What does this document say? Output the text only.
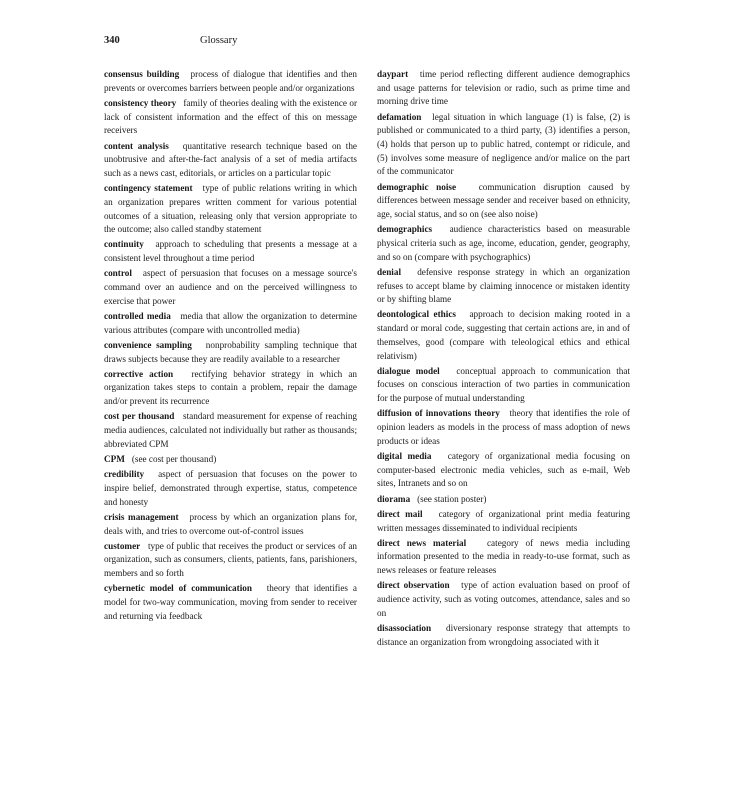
340	Glossary

consensus building process of dialogue that identifies and then prevents or overcomes barriers between people and/or organizations

consistency theory family of theories dealing with the existence or lack of consistent information and the effect of this on message receivers

content analysis quantitative research technique based on the unobtrusive and after-the-fact analysis of a set of media artifacts such as a news cast, editorials, or articles on a particular topic

contingency statement type of public relations writing in which an organization prepares written comment for various potential outcomes of a situation, releasing only that version appropriate to the outcome; also called standby statement

continuity approach to scheduling that presents a message at a consistent level throughout a time period

control aspect of persuasion that focuses on a message source's command over an audience and on the perceived willingness to exercise that power

controlled media media that allow the organization to determine various attributes (compare with uncontrolled media)

convenience sampling nonprobability sampling technique that draws subjects because they are readily available to a researcher

corrective action rectifying behavior strategy in which an organization takes steps to contain a problem, repair the damage and/or prevent its recurrence

cost per thousand standard measurement for expense of reaching media audiences, calculated not individually but rather as thousands; abbreviated CPM

CPM (see cost per thousand)

credibility aspect of persuasion that focuses on the power to inspire belief, demonstrated through expertise, status, competence and honesty

crisis management process by which an organization plans for, deals with, and tries to overcome out-of-control issues

customer type of public that receives the product or services of an organization, such as consumers, clients, patients, fans, parishioners, members and so forth

cybernetic model of communication theory that identifies a model for two-way communication, moving from sender to receiver and returning via feedback

daypart time period reflecting different audience demographics and usage patterns for television or radio, such as prime time and morning drive time

defamation legal situation in which language (1) is false, (2) is published or communicated to a third party, (3) identifies a person, (4) holds that person up to public hatred, contempt or ridicule, and (5) involves some measure of negligence and/or malice on the part of the communicator

demographic noise communication disruption caused by differences between message sender and receiver based on ethnicity, age, social status, and so on (see also noise)

demographics audience characteristics based on measurable physical criteria such as age, income, education, gender, geography, and so on (compare with psychographics)

denial defensive response strategy in which an organization refuses to accept blame by claiming innocence or mistaken identity or by shifting blame

deontological ethics approach to decision making rooted in a standard or moral code, suggesting that certain actions are, in and of themselves, good (compare with teleological ethics and ethical relativism)

dialogue model conceptual approach to communication that focuses on conscious interaction of two parties in communication for the purpose of mutual understanding

diffusion of innovations theory theory that identifies the role of opinion leaders as models in the process of mass adoption of news products or ideas

digital media category of organizational media focusing on computer-based electronic media vehicles, such as e-mail, Web sites, Intranets and so on

diorama (see station poster)

direct mail category of organizational print media featuring written messages disseminated to individual recipients

direct news material category of news media including information presented to the media in ready-to-use format, such as news releases or feature releases

direct observation type of action evaluation based on proof of audience activity, such as voting outcomes, attendance, sales and so on

disassociation diversionary response strategy that attempts to distance an organization from wrongdoing associated with it
